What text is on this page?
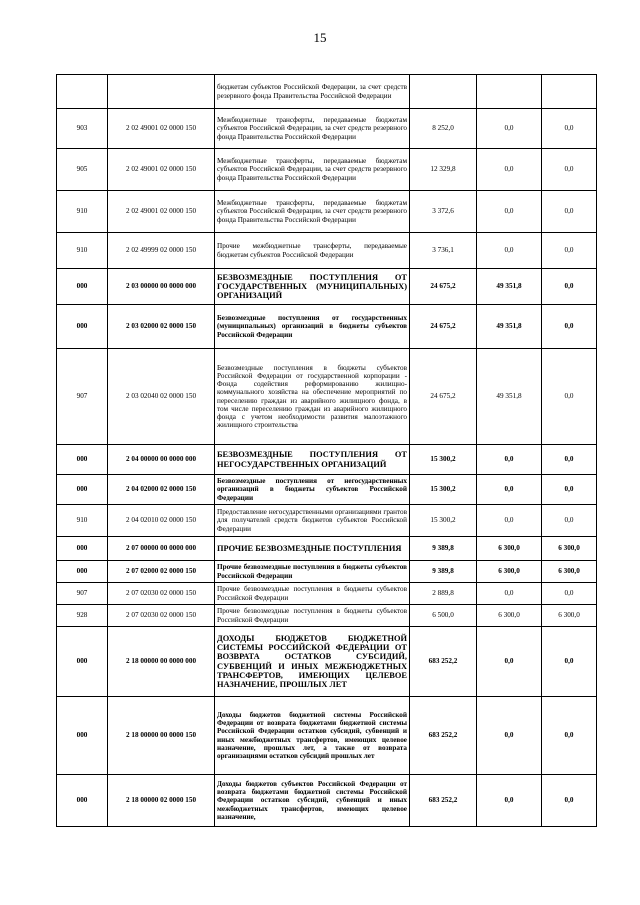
15
		бюджетам субъектов Российской Федерации, за счет средств резервного фонда Правительства Российской Федерации			
903	2 02 49001 02 0000 150	Межбюджетные трансферты, передаваемые бюджетам субъектов Российской Федерации, за счет средств резервного фонда Правительства Российской Федерации	8 252,0	0,0	0,0
905	2 02 49001 02 0000 150	Межбюджетные трансферты, передаваемые бюджетам субъектов Российской Федерации, за счет средств резервного фонда Правительства Российской Федерации	12 329,8	0,0	0,0
910	2 02 49001 02 0000 150	Межбюджетные трансферты, передаваемые бюджетам субъектов Российской Федерации, за счет средств резервного фонда Правительства Российской Федерации	3 372,6	0,0	0,0
910	2 02 49999 02 0000 150	Прочие межбюджетные трансферты, передаваемые бюджетам субъектов Российской Федерации	3 736,1	0,0	0,0
000	2 03 00000 00 0000 000	БЕЗВОЗМЕЗДНЫЕ ПОСТУПЛЕНИЯ ОТ ГОСУДАРСТВЕННЫХ (МУНИЦИПАЛЬНЫХ) ОРГАНИЗАЦИЙ	24 675,2	49 351,8	0,0
000	2 03 02000 02 0000 150	Безвозмездные поступления от государственных (муниципальных) организаций в бюджеты субъектов Российской Федерации	24 675,2	49 351,8	0,0
907	2 03 02040 02 0000 150	Безвозмездные поступления в бюджеты субъектов Российской Федерации от государственной корпорации - Фонда содействия реформированию жилищно-коммунального хозяйства на обеспечение мероприятий по переселению граждан из аварийного жилищного фонда, в том числе переселению граждан из аварийного жилищного фонда с учетом необходимости развития малоэтажного жилищного строительства	24 675,2	49 351,8	0,0
000	2 04 00000 00 0000 000	БЕЗВОЗМЕЗДНЫЕ ПОСТУПЛЕНИЯ ОТ НЕГОСУДАРСТВЕННЫХ ОРГАНИЗАЦИЙ	15 300,2	0,0	0,0
000	2 04 02000 02 0000 150	Безвозмездные поступления от негосударственных организаций в бюджеты субъектов Российской Федерации	15 300,2	0,0	0,0
910	2 04 02010 02 0000 150	Предоставление негосударственными организациями грантов для получателей средств бюджетов субъектов Российской Федерации	15 300,2	0,0	0,0
000	2 07 00000 00 0000 000	ПРОЧИЕ БЕЗВОЗМЕЗДНЫЕ ПОСТУПЛЕНИЯ	9 389,8	6 300,0	6 300,0
000	2 07 02000 02 0000 150	Прочие безвозмездные поступления в бюджеты субъектов Российской Федерации	9 389,8	6 300,0	6 300,0
907	2 07 02030 02 0000 150	Прочие безвозмездные поступления в бюджеты субъектов Российской Федерации	2 889,8	0,0	0,0
928	2 07 02030 02 0000 150	Прочие безвозмездные поступления в бюджеты субъектов Российской Федерации	6 500,0	6 300,0	6 300,0
000	2 18 00000 00 0000 000	ДОХОДЫ БЮДЖЕТОВ БЮДЖЕТНОЙ СИСТЕМЫ РОССИЙСКОЙ ФЕДЕРАЦИИ ОТ ВОЗВРАТА ОСТАТКОВ СУБСИДИЙ, СУБВЕНЦИЙ И ИНЫХ МЕЖБЮДЖЕТНЫХ ТРАНСФЕРТОВ, ИМЕЮЩИХ ЦЕЛЕВОЕ НАЗНАЧЕНИЕ, ПРОШЛЫХ ЛЕТ	683 252,2	0,0	0,0
000	2 18 00000 00 0000 150	Доходы бюджетов бюджетной системы Российской Федерации от возврата бюджетами бюджетной системы Российской Федерации остатков субсидий, субвенций и иных межбюджетных трансфертов, имеющих целевое назначение, прошлых лет, а также от возврата организациями остатков субсидий прошлых лет	683 252,2	0,0	0,0
000	2 18 00000 02 0000 150	Доходы бюджетов субъектов Российской Федерации от возврата бюджетами бюджетной системы Российской Федерации остатков субсидий, субвенций и иных межбюджетных трансфертов, имеющих целевое назначение,	683 252,2	0,0	0,0
